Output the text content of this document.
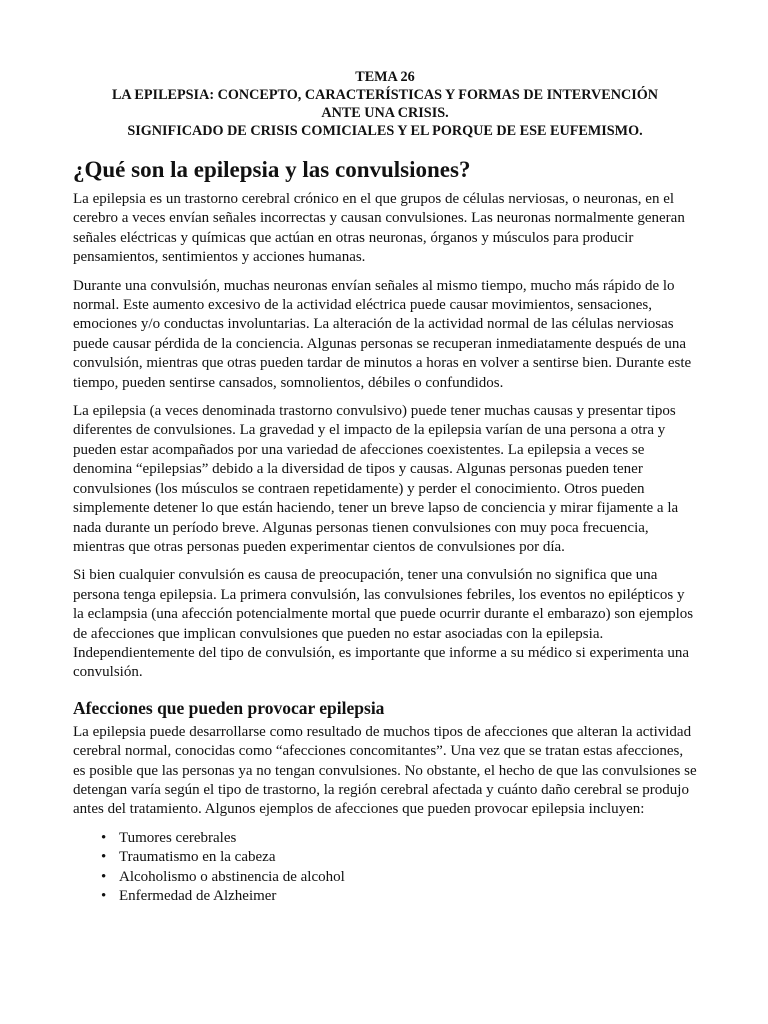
TEMA 26
LA EPILEPSIA: CONCEPTO, CARACTERÍSTICAS Y FORMAS DE INTERVENCIÓN
ANTE UNA CRISIS.
SIGNIFICADO DE CRISIS COMICIALES Y EL PORQUE DE ESE EUFEMISMO.
¿Qué son la epilepsia y las convulsiones?

La epilepsia es un trastorno cerebral crónico en el que grupos de células nerviosas, o neuronas, en el cerebro a veces envían señales incorrectas y causan convulsiones. Las neuronas normalmente generan señales eléctricas y químicas que actúan en otras neuronas, órganos y músculos para producir pensamientos, sentimientos y acciones humanas.

Durante una convulsión, muchas neuronas envían señales al mismo tiempo, mucho más rápido de lo normal. Este aumento excesivo de la actividad eléctrica puede causar movimientos, sensaciones, emociones y/o conductas involuntarias. La alteración de la actividad normal de las células nerviosas puede causar pérdida de la conciencia. Algunas personas se recuperan inmediatamente después de una convulsión, mientras que otras pueden tardar de minutos a horas en volver a sentirse bien. Durante este tiempo, pueden sentirse cansados, somnolientos, débiles o confundidos.

La epilepsia (a veces denominada trastorno convulsivo) puede tener muchas causas y presentar tipos diferentes de convulsiones. La gravedad y el impacto de la epilepsia varían de una persona a otra y pueden estar acompañados por una variedad de afecciones coexistentes. La epilepsia a veces se denomina “epilepsias” debido a la diversidad de tipos y causas. Algunas personas pueden tener convulsiones (los músculos se contraen repetidamente) y perder el conocimiento. Otros pueden simplemente detener lo que están haciendo, tener un breve lapso de conciencia y mirar fijamente a la nada durante un período breve. Algunas personas tienen convulsiones con muy poca frecuencia, mientras que otras personas pueden experimentar cientos de convulsiones por día.

Si bien cualquier convulsión es causa de preocupación, tener una convulsión no significa que una persona tenga epilepsia. La primera convulsión, las convulsiones febriles, los eventos no epilépticos y la eclampsia (una afección potencialmente mortal que puede ocurrir durante el embarazo) son ejemplos de afecciones que implican convulsiones que pueden no estar asociadas con la epilepsia. Independientemente del tipo de convulsión, es importante que informe a su médico si experimenta una convulsión.

Afecciones que pueden provocar epilepsia

La epilepsia puede desarrollarse como resultado de muchos tipos de afecciones que alteran la actividad cerebral normal, conocidas como “afecciones concomitantes”. Una vez que se tratan estas afecciones, es posible que las personas ya no tengan convulsiones. No obstante, el hecho de que las convulsiones se detengan varía según el tipo de trastorno, la región cerebral afectada y cuánto daño cerebral se produjo antes del tratamiento. Algunos ejemplos de afecciones que pueden provocar epilepsia incluyen:

• Tumores cerebrales
• Traumatismo en la cabeza
• Alcoholismo o abstinencia de alcohol
• Enfermedad de Alzheimer
